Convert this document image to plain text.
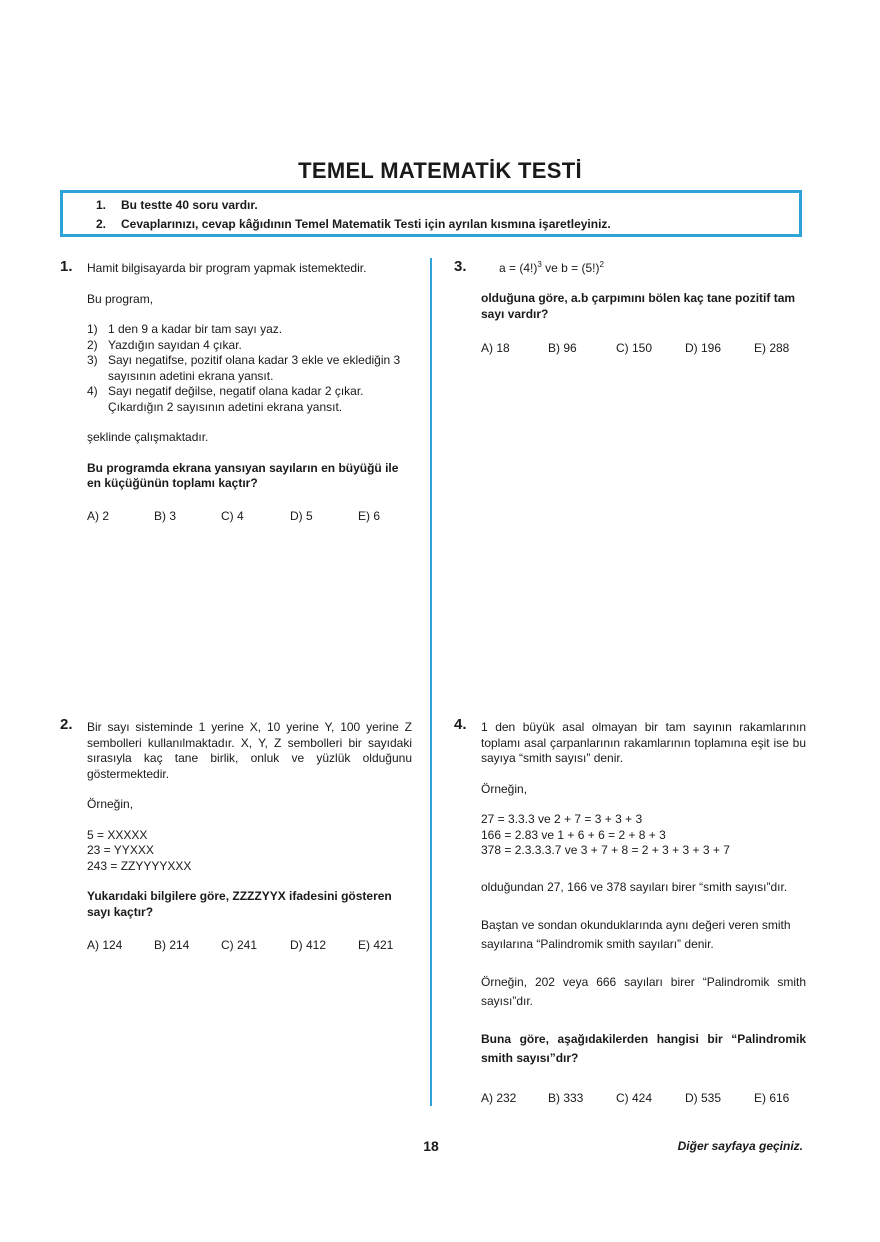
TEMEL MATEMATİK TESTİ
1. Bu testte 40 soru vardır.
2. Cevaplarınızı, cevap kâğıdının Temel Matematik Testi için ayrılan kısmına işaretleyiniz.
1. Hamit bilgisayarda bir program yapmak istemektedir.

Bu program,

1) 1 den 9 a kadar bir tam sayı yaz.
2) Yazdığın sayıdan 4 çıkar.
3) Sayı negatifse, pozitif olana kadar 3 ekle ve eklediğin 3 sayısının adetini ekrana yansıt.
4) Sayı negatif değilse, negatif olana kadar 2 çıkar. Çıkardığın 2 sayısının adetini ekrana yansıt.

şeklinde çalışmaktadır.

Bu programda ekrana yansıyan sayıların en büyüğü ile en küçüğünün toplamı kaçtır?

A) 2	B) 3	C) 4	D) 5	E) 6
2. Bir sayı sisteminde 1 yerine X, 10 yerine Y, 100 yerine Z sembolleri kullanılmaktadır. X, Y, Z sembolleri bir sayıdaki sırasıyla kaç tane birlik, onluk ve yüzlük olduğunu göstermektedir.

Örneğin,

5 = XXXXX

23 = YYXXX

243 = ZZYYYYXXX

Yukarıdaki bilgilere göre, ZZZZYYX ifadesini gösteren sayı kaçtır?

A) 124	B) 214	C) 241	D) 412	E) 421
3.	$a = (4!)^3$ ve $b = (5!)^2$

olduğuna göre, a.b çarpımını bölen kaç tane pozitif tam sayı vardır?

A) 18	B) 96	C) 150	D) 196	E) 288
4. 1 den büyük asal olmayan bir tam sayının rakamlarının toplamı asal çarpanlarının rakamlarının toplamına eşit ise bu sayıya “smith sayısı” denir.

Örneğin,

27 = 3.3.3 ve 2 + 7 = 3 + 3 + 3

166 = 2.83 ve 1 + 6 + 6 = 2 + 8 + 3

378 = 2.3.3.3.7 ve 3 + 7 + 8 = 2 + 3 + 3 + 3 + 7

olduğundan 27, 166 ve 378 sayıları birer “smith sayısı”dır.

Baştan ve sondan okunduklarında aynı değeri veren smith sayılarına “Palindromik smith sayıları” denir.

Örneğin, 202 veya 666 sayıları birer “Palindromik smith sayısı”dır.

Buna göre, aşağıdakilerden hangisi bir “Palindromik smith sayısı”dır?

A) 232	B) 333	C) 424	D) 535	E) 616
18	Diğer sayfaya geçiniz.
